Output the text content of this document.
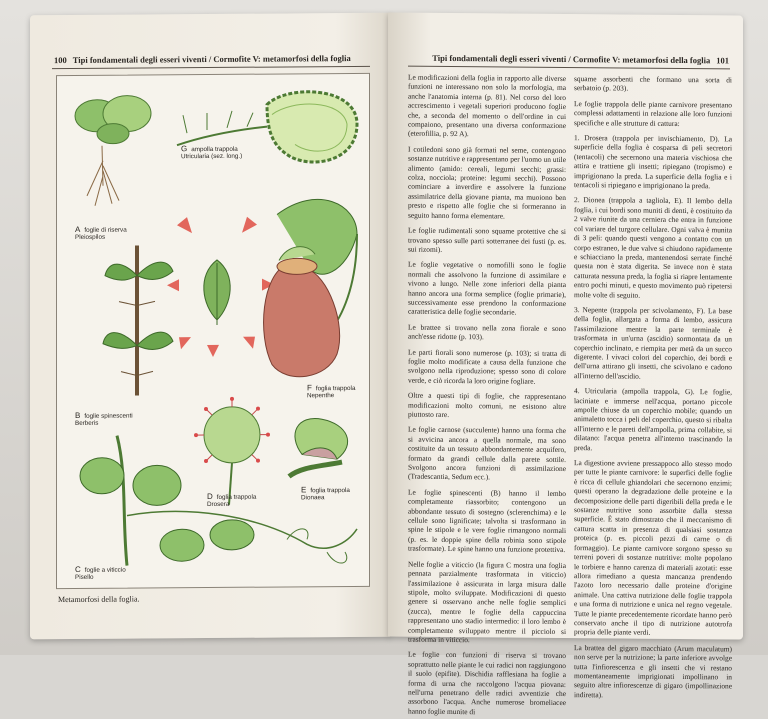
100 Tipi fondamentali degli esseri viventi / Cormofite V: metamorfosi della foglia
A foglie di riserva
Pleiospilos
G ampolla trappola
Utricularia (sez. long.)
B foglie spinescenti
Berberis
F foglia trappola
Nepenthe
D foglia trappola
Drosera
E foglia trappola
Dionaea
C foglie a viticcio
Pisello
Metamorfosi della foglia.
Tipi fondamentali degli esseri viventi / Cormofite V: metamorfosi della foglia 101

Le modificazioni della foglia in rapporto alle diverse funzioni ne interessano non solo la morfologia, ma anche l'anatomia interna (p. 81). Nel corso del loro accrescimento i vegetali superiori producono foglie che, a seconda del momento o dell'ordine in cui compaiono, presentano una diversa conformazione (eterofillia, p. 92 A).

I cotiledoni sono già formati nel seme, contengono sostanze nutritive e rappresentano per l'uomo un utile alimento (amido: cereali, legumi secchi; grassi: colza, nocciola; proteine: legumi secchi). Possono cominciare a inverdire e assolvere la funzione assimilatrice della giovane pianta, ma muoiono ben presto e rispetto alle foglie che si formeranno in seguito hanno forma elementare.

Le foglie rudimentali sono squame protettive che si trovano spesso sulle parti sotterranee dei fusti (p. es. sui rizomi).

Le foglie vegetative o nomofilli sono le foglie normali che assolvono la funzione di assimilare e vivono a lungo. Nelle zone inferiori della pianta hanno ancora una forma semplice (foglie primarie), successivamente esse prendono la conformazione caratteristica delle foglie secondarie.

Le brattee si trovano nella zona fiorale e sono anch'esse ridotte (p. 103).

Le parti fiorali sono numerose (p. 103); si tratta di foglie molto modificate a causa della funzione che svolgono nella riproduzione; spesso sono di colore verde, e ciò ricorda la loro origine fogliare.

Oltre a questi tipi di foglie, che rappresentano modificazioni molto comuni, ne esistono altre piuttosto rare.

Le foglie carnose (succulente) hanno una forma che si avvicina ancora a quella normale, ma sono costituite da un tessuto abbondantemente acquifero, formato da grandi cellule dalla parete sottile. Svolgono ancora funzioni di assimilazione (Tradescantia, Sedum ecc.).

Le foglie spinescenti (B) hanno il lembo completamente riassorbito; contengono un abbondante tessuto di sostegno (sclerenchima) e le cellule sono lignificate; talvolta si trasformano in spine le stipole e le vere foglie rimangono normali (p. es. le doppie spine della robinia sono stipole trasformate). Le spine hanno una funzione protettiva.

Nelle foglie a viticcio (la figura C mostra una foglia pennata parzialmente trasformata in viticcio) l'assimilazione è assicurata in larga misura dalle stipole, molto sviluppate. Modificazioni di questo genere si osservano anche nelle foglie semplici (zucca), mentre le foglie della cappuccina rappresentano uno stadio intermedio: il loro lembo è completamente sviluppato mentre il picciolo si trasforma in viticcio.

Le foglie con funzioni di riserva si trovano soprattutto nelle piante le cui radici non raggiungono il suolo (epifite). Dischidia rafflesiana ha foglie a forma di urna che raccolgono l'acqua piovana: nell'urna penetrano delle radici avventizie che assorbono l'acqua. Anche numerose bromeliacee hanno foglie munite di

squame assorbenti che formano una sorta di serbatoio (p. 203).

Le foglie trappola delle piante carnivore presentano complessi adattamenti in relazione alle loro funzioni specifiche e alle strutture di cattura:

1. Drosera (trappola per invischiamento, D). La superficie della foglia è cosparsa di peli secretori (tentacoli) che secernono una materia vischiosa che attira e trattiene gli insetti; ripiegano (tropismo) e imprigionano la preda. La superficie della foglia e i tentacoli si ripiegano e imprigionano la preda.

2. Dionea (trappola a tagliola, E). Il lembo della foglia, i cui bordi sono muniti di denti, è costituito da 2 valve riunite da una cerniera che entra in funzione col variare del turgore cellulare. Ogni valva è munita di 3 peli: quando questi vengono a contatto con un corpo estraneo, le due valve si chiudono rapidamente e schiacciano la preda, mantenendosi serrate finché questa non è stata digerita. Se invece non è stata catturata nessuna preda, la foglia si riapre lentamente entro pochi minuti, e questo movimento può ripetersi molte volte di seguito.

3. Nepente (trappola per scivolamento, F). La base della foglia, allargata a forma di lembo, assicura l'assimilazione mentre la parte terminale è trasformata in un'urna (ascidio) sormontata da un coperchio inclinato, e riempita per metà da un succo digerente. I vivaci colori del coperchio, dei bordi e dell'urna attirano gli insetti, che scivolano e cadono all'interno dell'ascidio.

4. Utricularia (ampolla trappola, G). Le foglie, laciniate e immerse nell'acqua, portano piccole ampolle chiuse da un coperchio mobile; quando un animaletto tocca i peli del coperchio, questo si ribalta all'interno e le pareti dell'ampolla, prima collabite, si dilatano: l'acqua penetra all'interno trascinando la preda.

La digestione avviene pressappoco allo stesso modo per tutte le piante carnivore: le superfici delle foglie è ricca di cellule ghiandolari che secernono enzimi; questi operano la degradazione delle proteine e la decomposizione delle parti digeribili della preda e le sostanze nutritive sono assorbite dalla stessa superficie. È stato dimostrato che il meccanismo di cattura scatta in presenza di qualsiasi sostanza proteica (p. es. piccoli pezzi di carne o di formaggio). Le piante carnivore sorgono spesso su terreni poveri di sostanze nutritive: molte popolano le torbiere e hanno carenza di materiali azotati: esse allora rimediano a questa mancanza prendendo l'azoto loro necessario dalle proteine d'origine animale. Una cattiva nutrizione delle foglie trappola e una forma di nutrizione e unica nel regno vegetale. Tutte le piante precedentemente ricordate hanno però conservato anche il tipo di nutrizione autotrofa propria delle piante verdi.

La brattea del gigaro macchiato (Arum maculatum) non serve per la nutrizione; la parte inferiore avvolge tutta l'infiorescenza e gli insetti che vi restano momentaneamente imprigionati impollinano in seguito altre infiorescenze di gigaro (impollinazione indiretta).
